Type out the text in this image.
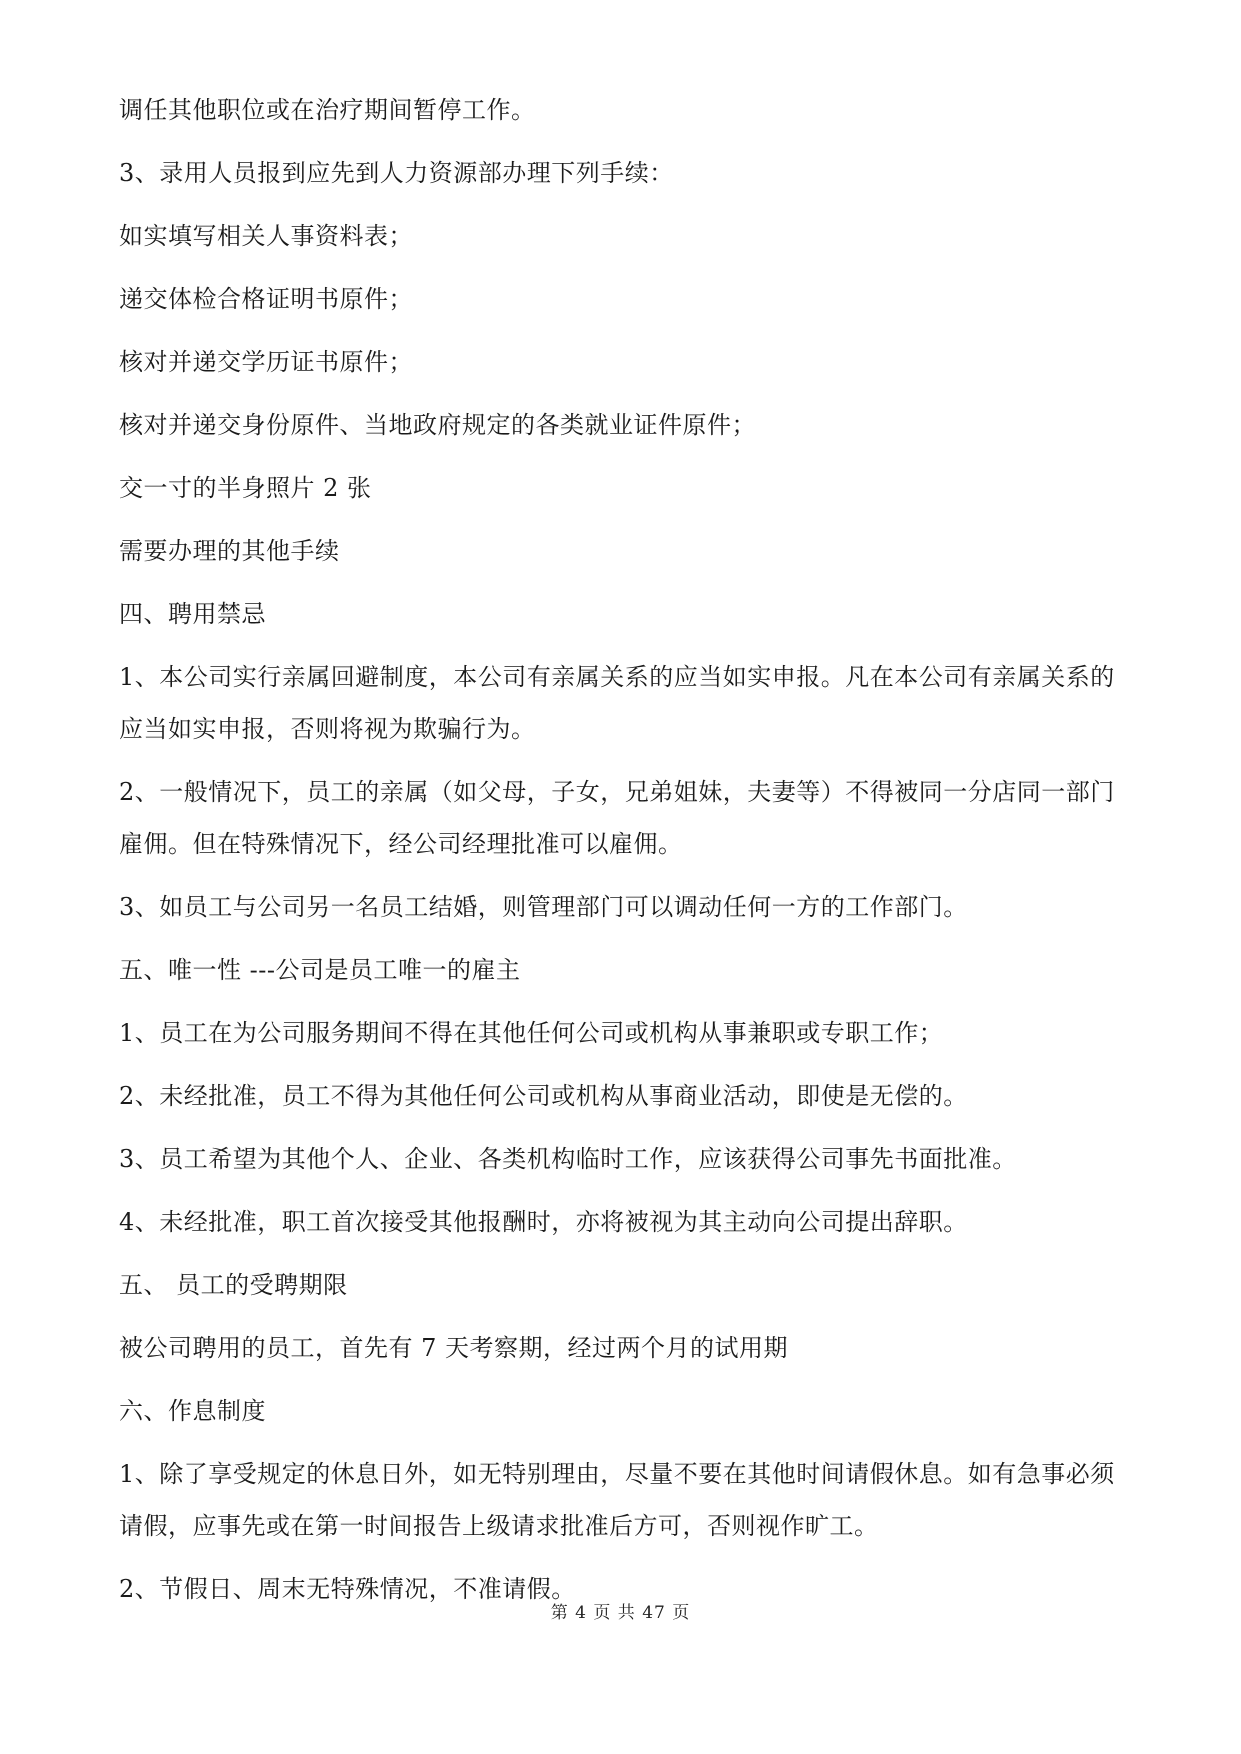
调任其他职位或在治疗期间暂停工作。

3、录用人员报到应先到人力资源部办理下列手续：

如实填写相关人事资料表；

递交体检合格证明书原件；

核对并递交学历证书原件；

核对并递交身份原件、当地政府规定的各类就业证件原件；

交一寸的半身照片 2 张

需要办理的其他手续

四、聘用禁忌

1、本公司实行亲属回避制度，本公司有亲属关系的应当如实申报。凡在本公司有亲属关系的应当如实申报，否则将视为欺骗行为。

2、一般情况下，员工的亲属（如父母，子女，兄弟姐妹，夫妻等）不得被同一分店同一部门雇佣。但在特殊情况下，经公司经理批准可以雇佣。

3、如员工与公司另一名员工结婚，则管理部门可以调动任何一方的工作部门。

五、唯一性 ---公司是员工唯一的雇主

1、员工在为公司服务期间不得在其他任何公司或机构从事兼职或专职工作；

2、未经批准，员工不得为其他任何公司或机构从事商业活动，即使是无偿的。

3、员工希望为其他个人、企业、各类机构临时工作，应该获得公司事先书面批准。

4、未经批准，职工首次接受其他报酬时，亦将被视为其主动向公司提出辞职。

五、 员工的受聘期限

被公司聘用的员工，首先有 7 天考察期，经过两个月的试用期

六、作息制度

1、除了享受规定的休息日外，如无特别理由，尽量不要在其他时间请假休息。如有急事必须请假，应事先或在第一时间报告上级请求批准后方可，否则视作旷工。

2、节假日、周末无特殊情况，不准请假。

第 4 页 共 47 页
